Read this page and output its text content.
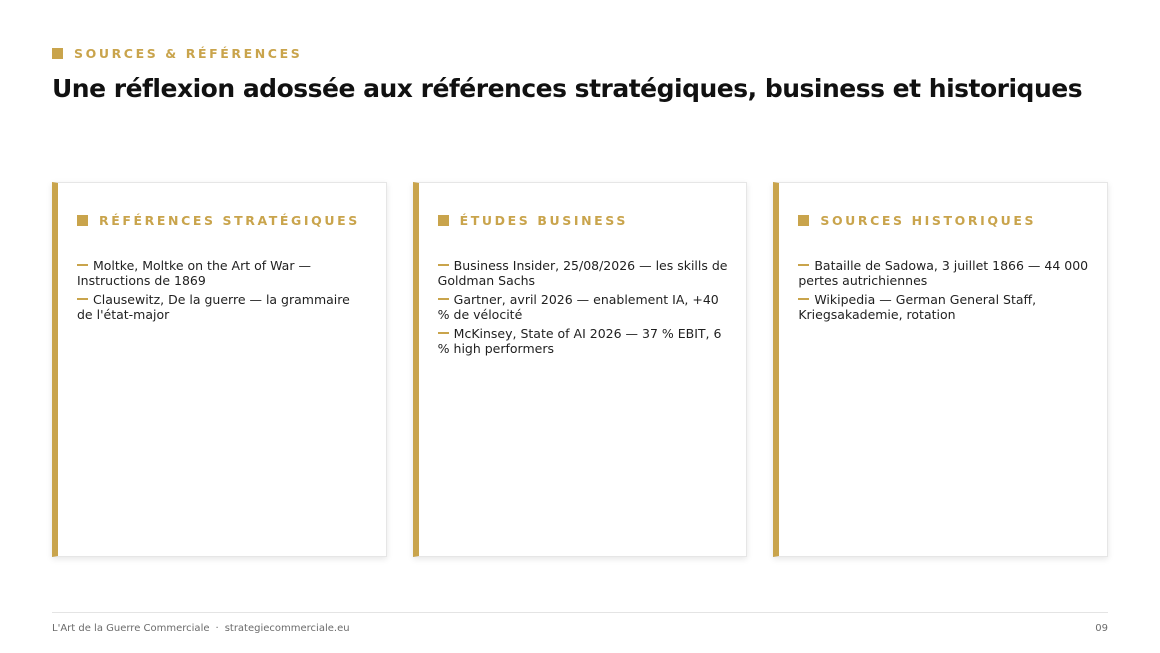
SOURCES & RÉFÉRENCES
Une réflexion adossée aux références stratégiques, business et historiques
RÉFÉRENCES STRATÉGIQUES
Moltke, Moltke on the Art of War — Instructions de 1869
Clausewitz, De la guerre — la grammaire de l'état-major
ÉTUDES BUSINESS
Business Insider, 25/08/2026 — les skills de Goldman Sachs
Gartner, avril 2026 — enablement IA, +40 % de vélocité
McKinsey, State of AI 2026 — 37 % EBIT, 6 % high performers
SOURCES HISTORIQUES
Bataille de Sadowa, 3 juillet 1866 — 44 000 pertes autrichiennes
Wikipedia — German General Staff, Kriegsakademie, rotation
L'Art de la Guerre Commerciale · strategiecommerciale.eu	09
